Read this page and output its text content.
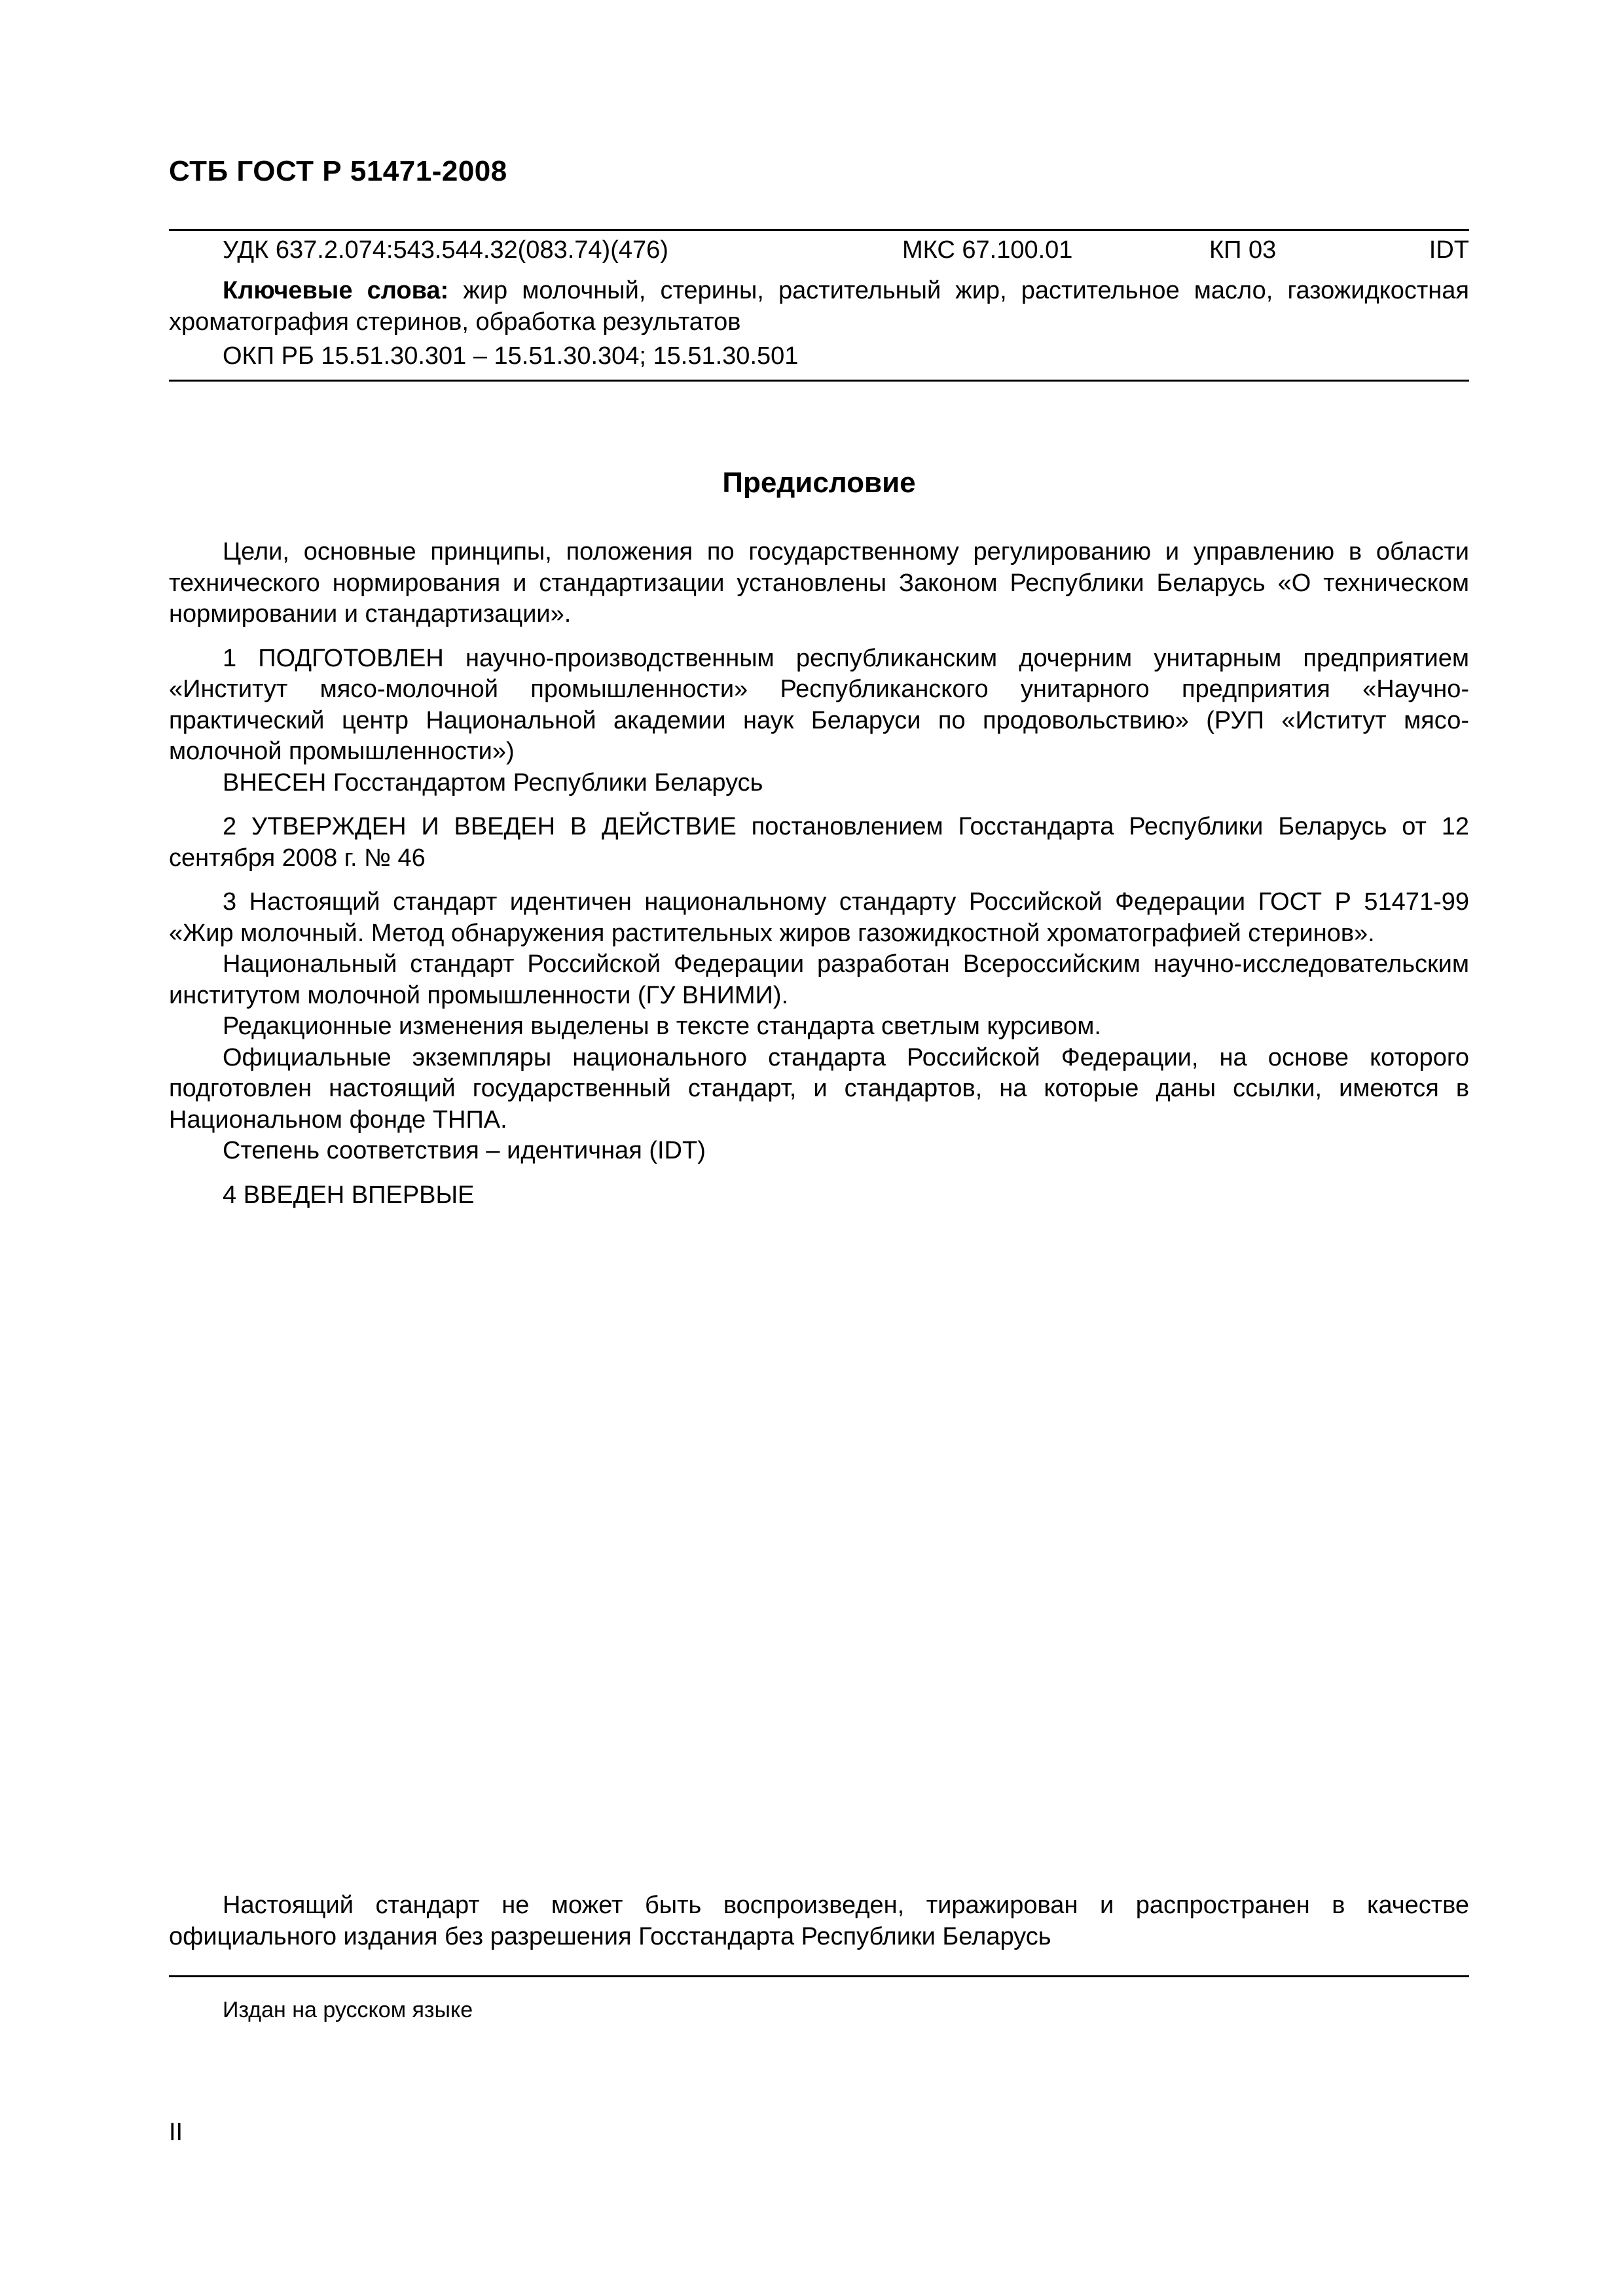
СТБ ГОСТ Р 51471-2008
УДК 637.2.074:543.544.32(083.74)(476)	МКС 67.100.01	КП 03	IDT

Ключевые слова: жир молочный, стерины, растительный жир, растительное масло, газожидкостная хроматография стеринов, обработка результатов

ОКП РБ 15.51.30.301 – 15.51.30.304; 15.51.30.501

Предисловие

Цели, основные принципы, положения по государственному регулированию и управлению в области технического нормирования и стандартизации установлены Законом Республики Беларусь «О техническом нормировании и стандартизации».

1 ПОДГОТОВЛЕН научно-производственным республиканским дочерним унитарным предприятием «Институт мясо-молочной промышленности» Республиканского унитарного предприятия «Научно-практический центр Национальной академии наук Беларуси по продовольствию» (РУП «Иститут мясо-молочной промышленности»)

ВНЕСЕН Госстандартом Республики Беларусь

2 УТВЕРЖДЕН И ВВЕДЕН В ДЕЙСТВИЕ постановлением Госстандарта Республики Беларусь от 12 сентября 2008 г. № 46

3 Настоящий стандарт идентичен национальному стандарту Российской Федерации ГОСТ Р 51471-99 «Жир молочный. Метод обнаружения растительных жиров газожидкостной хроматографией стеринов».

Национальный стандарт Российской Федерации разработан Всероссийским научно-исследовательским институтом молочной промышленности (ГУ ВНИМИ).

Редакционные изменения выделены в тексте стандарта светлым курсивом.

Официальные экземпляры национального стандарта Российской Федерации, на основе которого подготовлен настоящий государственный стандарт, и стандартов, на которые даны ссылки, имеются в Национальном фонде ТНПА.

Степень соответствия – идентичная (IDT)

4 ВВЕДЕН ВПЕРВЫЕ

Настоящий стандарт не может быть воспроизведен, тиражирован и распространен в качестве официального издания без разрешения Госстандарта Республики Беларусь

Издан на русском языке

II
